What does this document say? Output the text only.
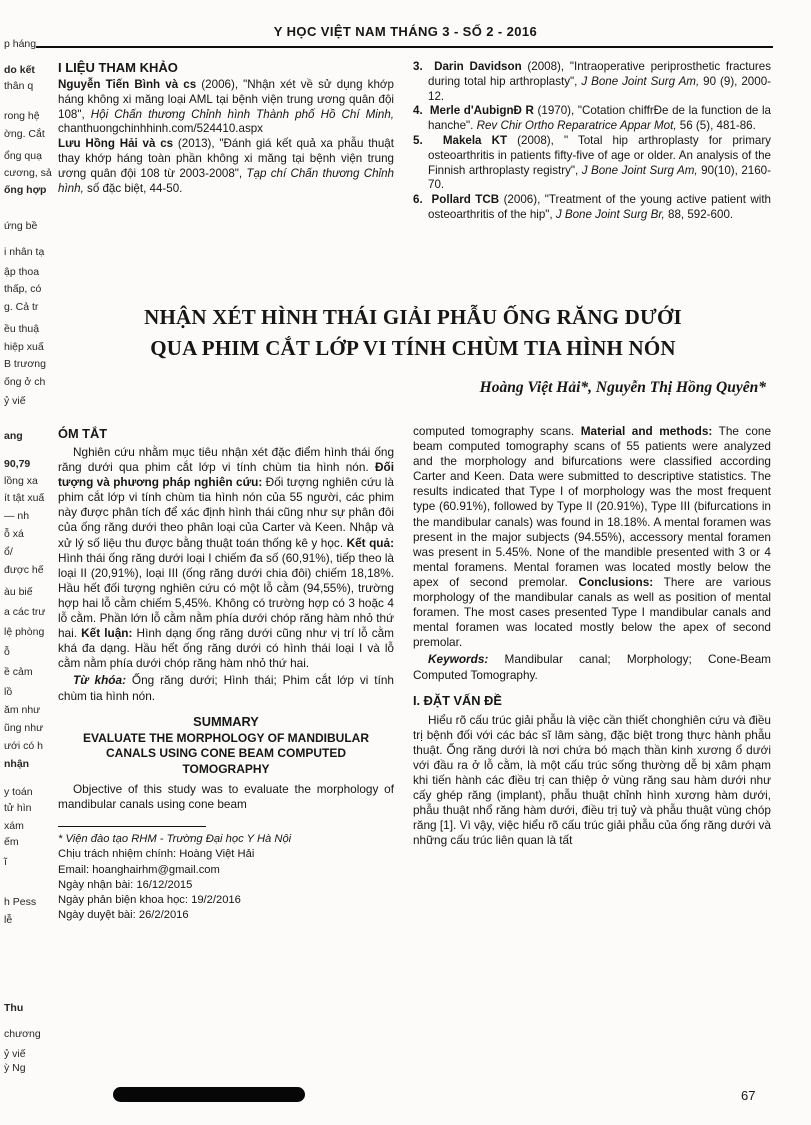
p háng
do kết
thân q
rong hệ
ờng. Cắt
ổng quạ
cương, sả
ống hợp
ứng bề
i nhân tạ
ập thoa
thấp, có
g. Cả tr
ều thuậ
hiệp xuấ
B trương
ống ở ch
ỷ viế
ang
90,79
lồng xa
ít tật xuấ
— nh
ỗ xá
ổ/
được hế
àu biế
a các trư
lệ phòng
ỗ
ề cảm
lồ
ăm như
ũng như
ưới có h
nhận
y toán
tử hìn
xám
ếm
ĩ
h Pess
lễ
Thu
chương
ỷ viế
ỳ Ng
Y HỌC VIỆT NAM THÁNG 3 - SỐ 2 - 2016
I LIỆU THAM KHẢO

Nguyễn Tiến Bình và cs (2006), "Nhận xét về sử dụng khớp háng không xi măng loại AML tại bệnh viện trung ương quân đội 108", Hội Chấn thương Chỉnh hình Thành phố Hồ Chí Minh, chanthuongchinhhinh.com/524410.aspx

Lưu Hồng Hải và cs (2013), "Đánh giá kết quả xa phẫu thuật thay khớp háng toàn phần không xi măng tại bệnh viện trung ương quân đội 108 từ 2003-2008", Tạp chí Chấn thương Chỉnh hình, số đặc biệt, 44-50.

3.  Darin Davidson (2008), "Intraoperative periprosthetic fractures during total hip arthroplasty", J Bone Joint Surg Am, 90 (9), 2000-12.

4.  Merle d'AubignĐ R (1970), "Cotation chiffrĐe de la function de la hanche". Rev Chir Ortho Reparatrice Appar Mot, 56 (5), 481-86.

5.  Makela KT (2008), " Total hip arthroplasty for primary osteoarthritis in patients fifty-five of age or older. An analysis of the Finnish arthroplasty registry", J Bone Joint Surg Am, 90(10), 2160-70.

6.  Pollard TCB (2006), "Treatment of the young active patient with osteoarthritis of the hip", J Bone Joint Surg Br, 88, 592-600.

NHẬN XÉT HÌNH THÁI GIẢI PHẪU ỐNG RĂNG DƯỚI
QUA PHIM CẮT LỚP VI TÍNH CHÙM TIA HÌNH NÓN
Hoàng Việt Hải*, Nguyễn Thị Hồng Quyên*
ÓM TẮT

Nghiên cứu nhằm mục tiêu nhận xét đặc điểm hình thái ống răng dưới qua phim cắt lớp vi tính chùm tia hình nón. Đối tượng và phương pháp nghiên cứu: Đối tượng nghiên cứu là phim cắt lớp vi tính chùm tia hình nón của 55 người, các phim này được phân tích để xác định hình thái cũng như sự phân đôi của ống răng dưới theo phân loại của Carter và Keen. Nhập và xử lý số liệu thu được bằng thuật toán thống kê y học. Kết quả: Hình thái ống răng dưới loại I chiếm đa số (60,91%), tiếp theo là loại II (20,91%), loại III (ống răng dưới chia đôi) chiếm 18,18%. Hầu hết đối tượng nghiên cứu có một lỗ cằm (94,55%), trường hợp hai lỗ cằm chiếm 5,45%. Không có trường hợp có 3 hoặc 4 lỗ cằm. Phần lớn lỗ cằm nằm phía dưới chóp răng hàm nhỏ thứ hai. Kết luận: Hình dạng ống răng dưới cũng như vị trí lỗ cằm khá đa dạng. Hầu hết ống răng dưới có hình thái loại I và lỗ cằm nằm phía dưới chóp răng hàm nhỏ thứ hai.

Từ khóa: Ống răng dưới; Hình thái; Phim cắt lớp vi tính chùm tia hình nón.

SUMMARY
EVALUATE THE MORPHOLOGY OF MANDIBULAR CANALS USING CONE BEAM COMPUTED TOMOGRAPHY

Objective of this study was to evaluate the morphology of mandibular canals using cone beam

* Viện đào tạo RHM - Trường Đại học Y Hà Nội
Chịu trách nhiệm chính: Hoàng Việt Hải
Email: hoanghairhm@gmail.com
Ngày nhận bài: 16/12/2015
Ngày phản biện khoa học: 19/2/2016
Ngày duyệt bài: 26/2/2016

computed tomography scans. Material and methods: The cone beam computed tomography scans of 55 patients were analyzed and the morphology and bifurcations were classified according Carter and Keen. Data were submitted to descriptive statistics. The results indicated that Type I of morphology was the most frequent type (60.91%), followed by Type II (20.91%), Type III (bifurcations in the mandibular canals) was found in 18.18%. A mental foramen was present in the major subjects (94.55%), accessory mental foramen was present in 5.45%. None of the mandible presented with 3 or 4 mental foramens. Mental foramen was located mostly below the apex of second premolar. Conclusions: There are various morphology of the mandibular canals as well as position of mental foramen. The most cases presented Type I mandibular canals and mental foramen was located mostly below the apex of second premolar.

Keywords: Mandibular canal; Morphology; Cone-Beam Computed Tomography.

I. ĐẶT VẤN ĐỀ

Hiểu rõ cấu trúc giải phẫu là việc cần thiết chonghiên cứu và điều trị bệnh đối với các bác sĩ lâm sàng, đặc biệt trong thực hành phẫu thuật. Ống răng dưới là nơi chứa bó mạch thần kinh xương ổ dưới với đầu ra ở lỗ cằm, là một cấu trúc sống thường dễ bị xâm phạm khi tiến hành các điều trị can thiệp ở vùng răng sau hàm dưới như cấy ghép răng (implant), phẫu thuật chỉnh hình xương hàm dưới, phẫu thuật nhổ răng hàm dưới, điều trị tuỷ và phẫu thuật vùng chóp răng [1]. Vì vậy, việc hiểu rõ cấu trúc giải phẫu của ống răng dưới và những cấu trúc liên quan là tất

67
